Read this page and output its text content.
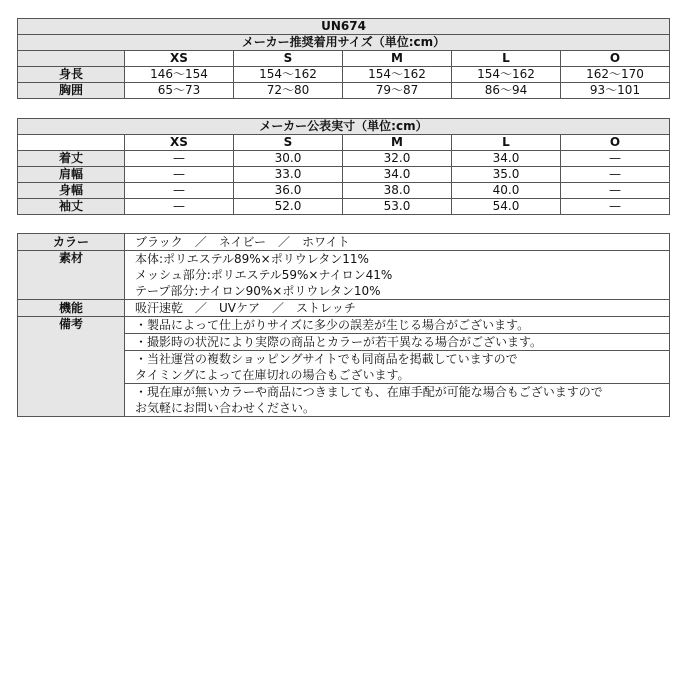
UN674					
メーカー推奨着用サイズ（単位:cm）					
	XS	S	M	L	O
身長	146〜154	154〜162	154〜162	154〜162	162〜170
胸囲	65〜73	72〜80	79〜87	86〜94	93〜101
メーカー公表実寸（単位:cm）					
	XS	S	M	L	O
着丈	—	30.0	32.0	34.0	—
肩幅	—	33.0	34.0	35.0	—
身幅	—	36.0	38.0	40.0	—
袖丈	—	52.0	53.0	54.0	—
カラー	ブラック　／　ネイビー　／　ホワイト
素材	本体:ポリエステル89%×ポリウレタン11%
メッシュ部分:ポリエステル59%×ナイロン41%
テープ部分:ナイロン90%×ポリウレタン10%

機能	吸汗速乾　／　UVケア　／　ストレッチ
備考	・製品によって仕上がりサイズに多少の誤差が生じる場合がございます。

	・撮影時の状況により実際の商品とカラーが若干異なる場合がございます。

	・当社運営の複数ショッピングサイトでも同商品を掲載していますので
タイミングによって在庫切れの場合もございます。

	・現在庫が無いカラーや商品につきましても、在庫手配が可能な場合もございますので
お気軽にお問い合わせください。
